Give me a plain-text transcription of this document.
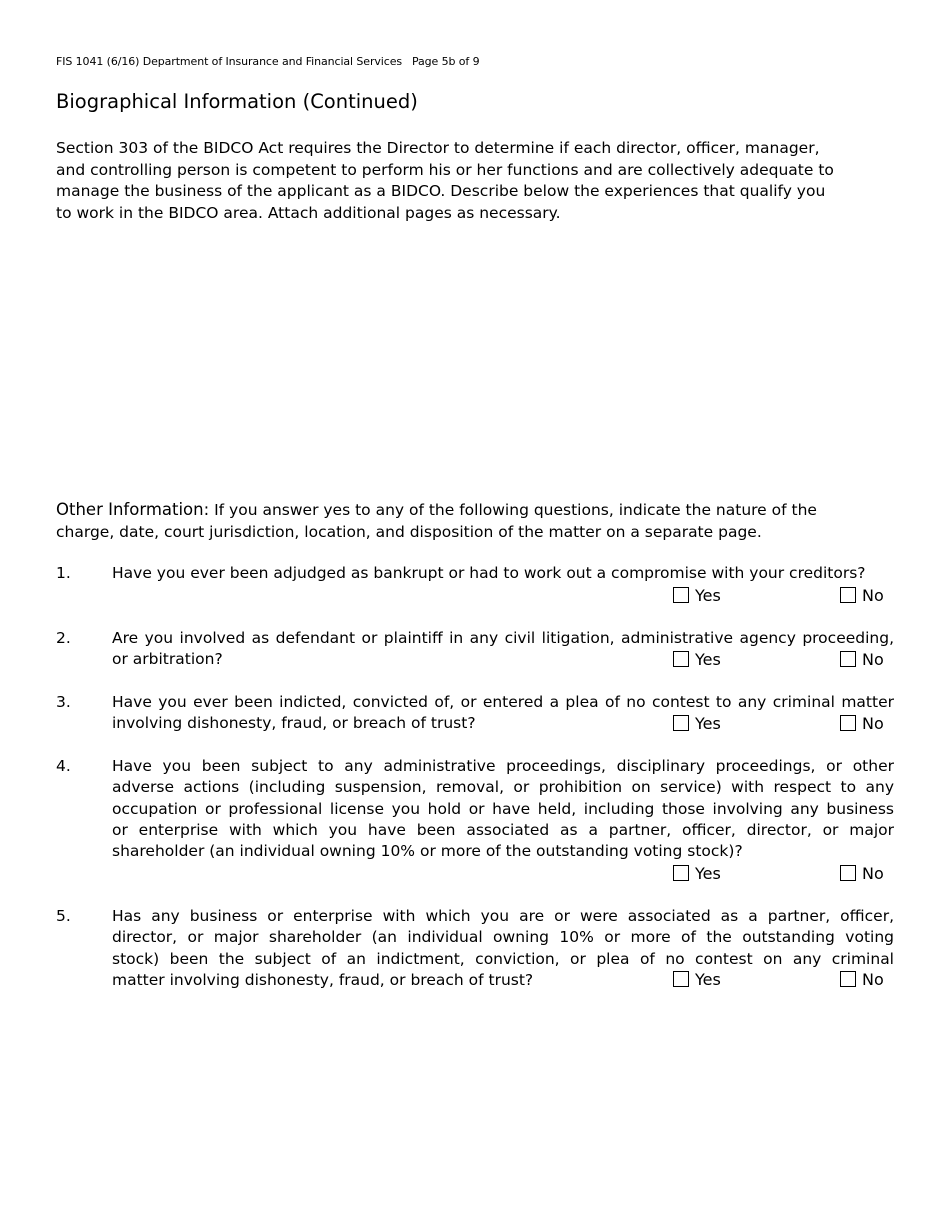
FIS 1041 (6/16) Department of Insurance and Financial Services Page 5b of 9
Biographical Information (Continued)
Section 303 of the BIDCO Act requires the Director to determine if each director, officer, manager,
and controlling person is competent to perform his or her functions and are collectively adequate to
manage the business of the applicant as a BIDCO. Describe below the experiences that qualify you
to work in the BIDCO area. Attach additional pages as necessary.
Other Information: If you answer yes to any of the following questions, indicate the nature of the
charge, date, court jurisdiction, location, and disposition of the matter on a separate page.
1.	Have you ever been adjudged as bankrupt or had to work out a compromise with your creditors?
Yes	No
2.	Are you involved as defendant or plaintiff in any civil litigation, administrative agency proceeding,
or arbitration?	Yes	No
3.	Have you ever been indicted, convicted of, or entered a plea of no contest to any criminal matter
involving dishonesty, fraud, or breach of trust?	Yes	No
4.	Have you been subject to any administrative proceedings, disciplinary proceedings, or other
adverse actions (including suspension, removal, or prohibition on service) with respect to any
occupation or professional license you hold or have held, including those involving any business
or enterprise with which you have been associated as a partner, officer, director, or major
shareholder (an individual owning 10% or more of the outstanding voting stock)?
Yes	No
5.	Has any business or enterprise with which you are or were associated as a partner, officer,
director, or major shareholder (an individual owning 10% or more of the outstanding voting
stock) been the subject of an indictment, conviction, or plea of no contest on any criminal
matter involving dishonesty, fraud, or breach of trust?	Yes	No
